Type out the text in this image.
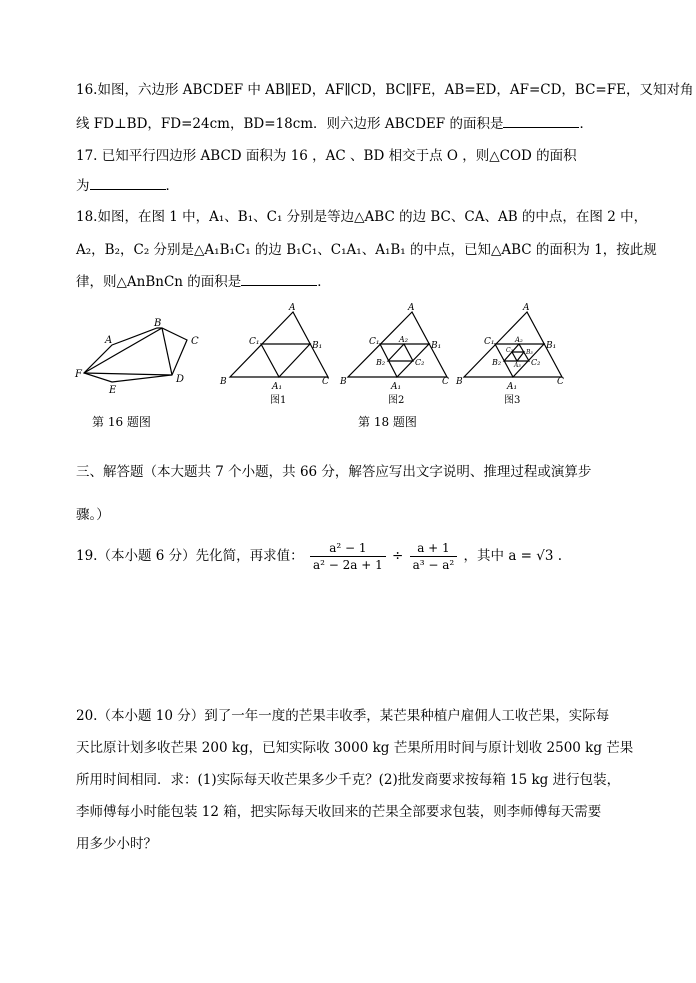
16.如图，六边形 ABCDEF 中 AB∥ED，AF∥CD，BC∥FE，AB=ED，AF=CD，BC=FE，又知对角
线 FD⊥BD，FD=24cm，BD=18cm．则六边形 ABCDEF 的面积是	．
17. 已知平行四边形 ABCD 面积为 16 ，AC 、BD 相交于点 O ，则△COD 的面积
为	．
18.如图，在图 1 中，A₁、B₁、C₁ 分别是等边△ABC 的边 BC、CA、AB 的中点，在图 2 中，
A₂，B₂，C₂ 分别是△A₁B₁C₁ 的边 B₁C₁、C₁A₁、A₁B₁ 的中点，已知△ABC 的面积为 1，按此规
律，则△AnBnCn 的面积是	．
A
B
C
D
E
F
A
B	C
C₁	B₁
A₁
A
B	C
C₁	B₁
A₂
B₂	C₂
A₁
A
B	C
C₁	B₁
A₂
B₂	C₂
C₃ B₃
A₃
A₁
图1	图2	图3
第 16 题图	第 18 题图
三、解答题（本大题共 7 个小题，共 66 分，解答应写出文字说明、推理过程或演算步
骤。）
19.（本小题 6 分）先化简，再求值： $\frac{\text{a² − 1}}{\text{a² − 2a + 1}} \div \frac{a + 1}{\text{a³ − a²}}$ ，其中 a = √3 .
20.（本小题 10 分）到了一年一度的芒果丰收季，某芒果种植户雇佣人工收芒果，实际每
天比原计划多收芒果 200 kg，已知实际收 3000 kg 芒果所用时间与原计划收 2500 kg 芒果
所用时间相同．求：(1)实际每天收芒果多少千克？(2)批发商要求按每箱 15 kg 进行包装，
李师傅每小时能包装 12 箱，把实际每天收回来的芒果全部要求包装，则李师傅每天需要
用多少小时？
